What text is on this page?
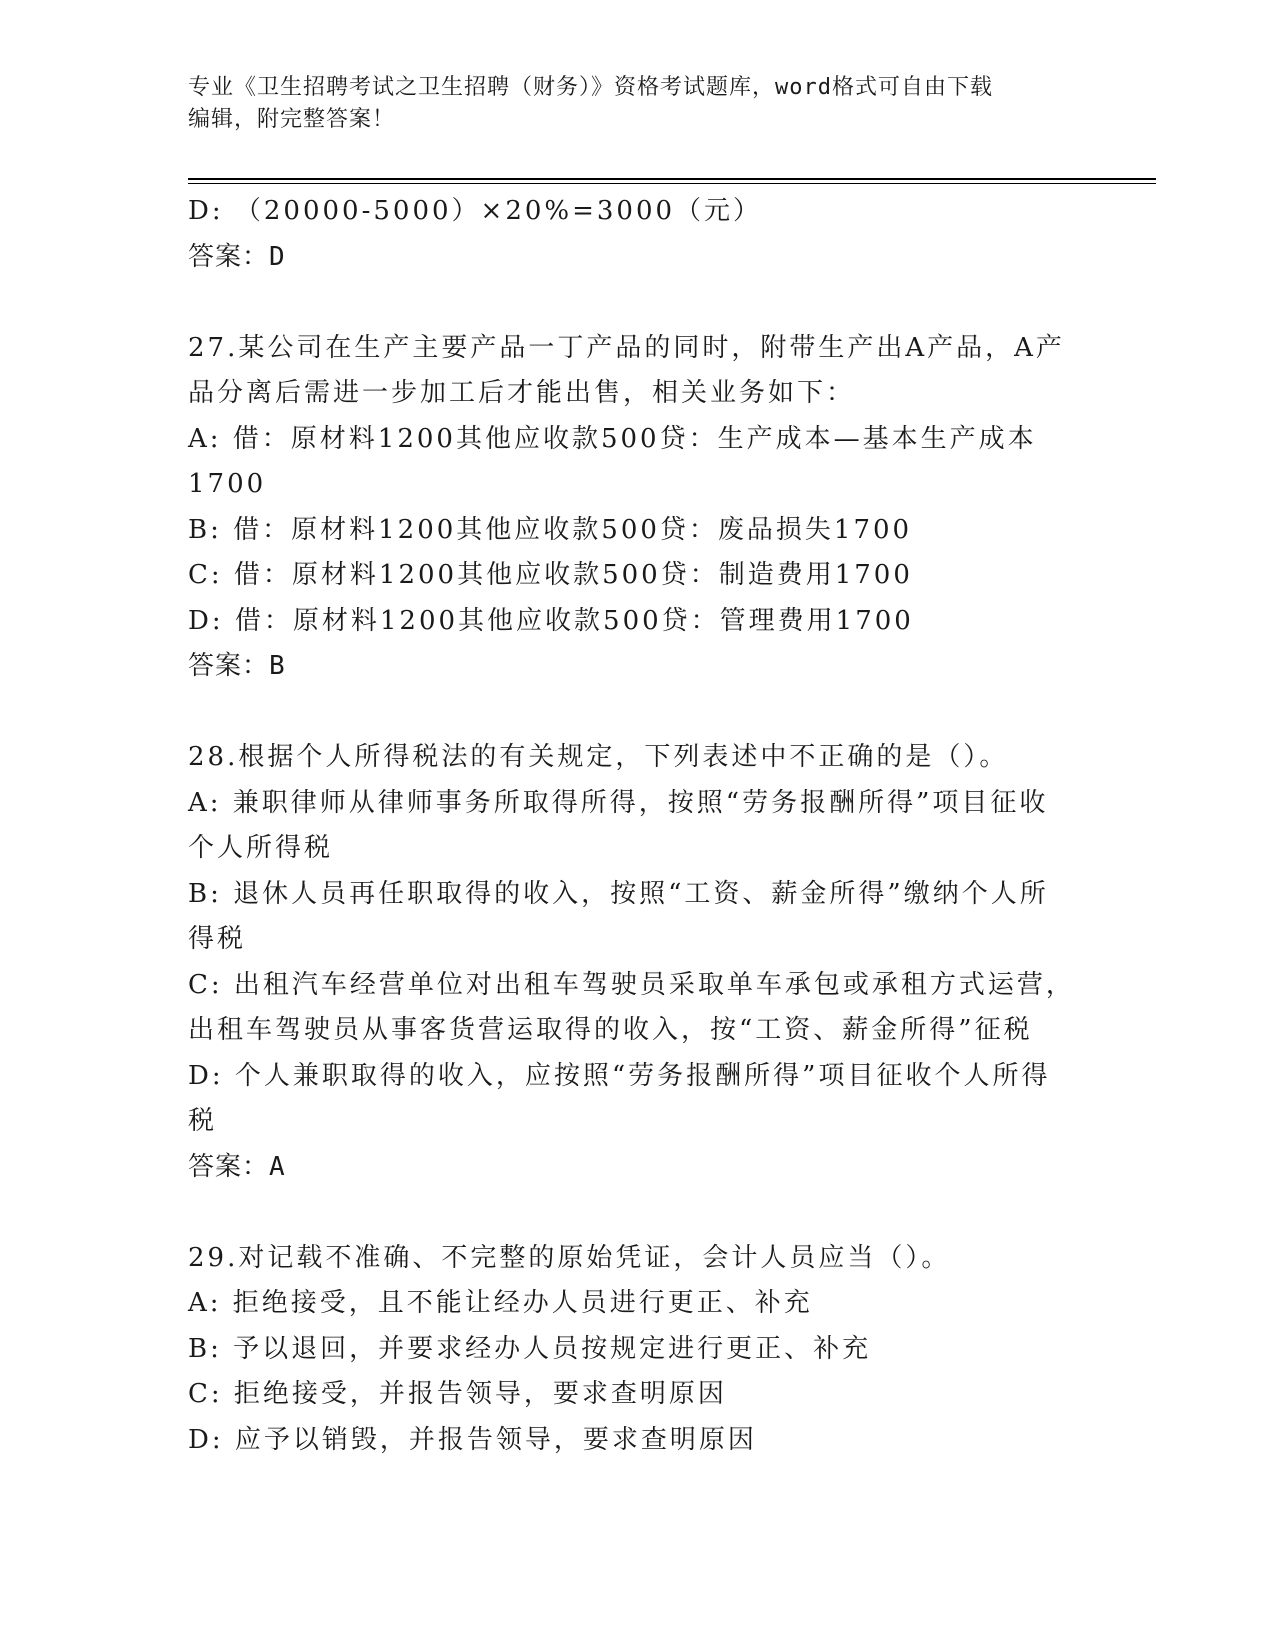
专业《卫生招聘考试之卫生招聘（财务）》资格考试题库，word格式可自由下载
编辑，附完整答案！
D: （20000-5000）×20%=3000（元）
答案：D
27.某公司在生产主要产品一丁产品的同时，附带生产出A产品，A产
品分离后需进一步加工后才能出售，相关业务如下：
A: 借：原材料1200其他应收款500贷：生产成本—基本生产成本
1700
B: 借：原材料1200其他应收款500贷：废品损失1700
C: 借：原材料1200其他应收款500贷：制造费用1700
D: 借：原材料1200其他应收款500贷：管理费用1700
答案：B
28.根据个人所得税法的有关规定，下列表述中不正确的是（）。
A: 兼职律师从律师事务所取得所得，按照“劳务报酬所得”项目征收
个人所得税
B: 退休人员再任职取得的收入，按照“工资、薪金所得”缴纳个人所
得税
C: 出租汽车经营单位对出租车驾驶员采取单车承包或承租方式运营，
出租车驾驶员从事客货营运取得的收入，按“工资、薪金所得”征税
D: 个人兼职取得的收入，应按照“劳务报酬所得”项目征收个人所得
税
答案：A
29.对记载不准确、不完整的原始凭证，会计人员应当（）。
A: 拒绝接受，且不能让经办人员进行更正、补充
B: 予以退回，并要求经办人员按规定进行更正、补充
C: 拒绝接受，并报告领导，要求查明原因
D: 应予以销毁，并报告领导，要求查明原因
